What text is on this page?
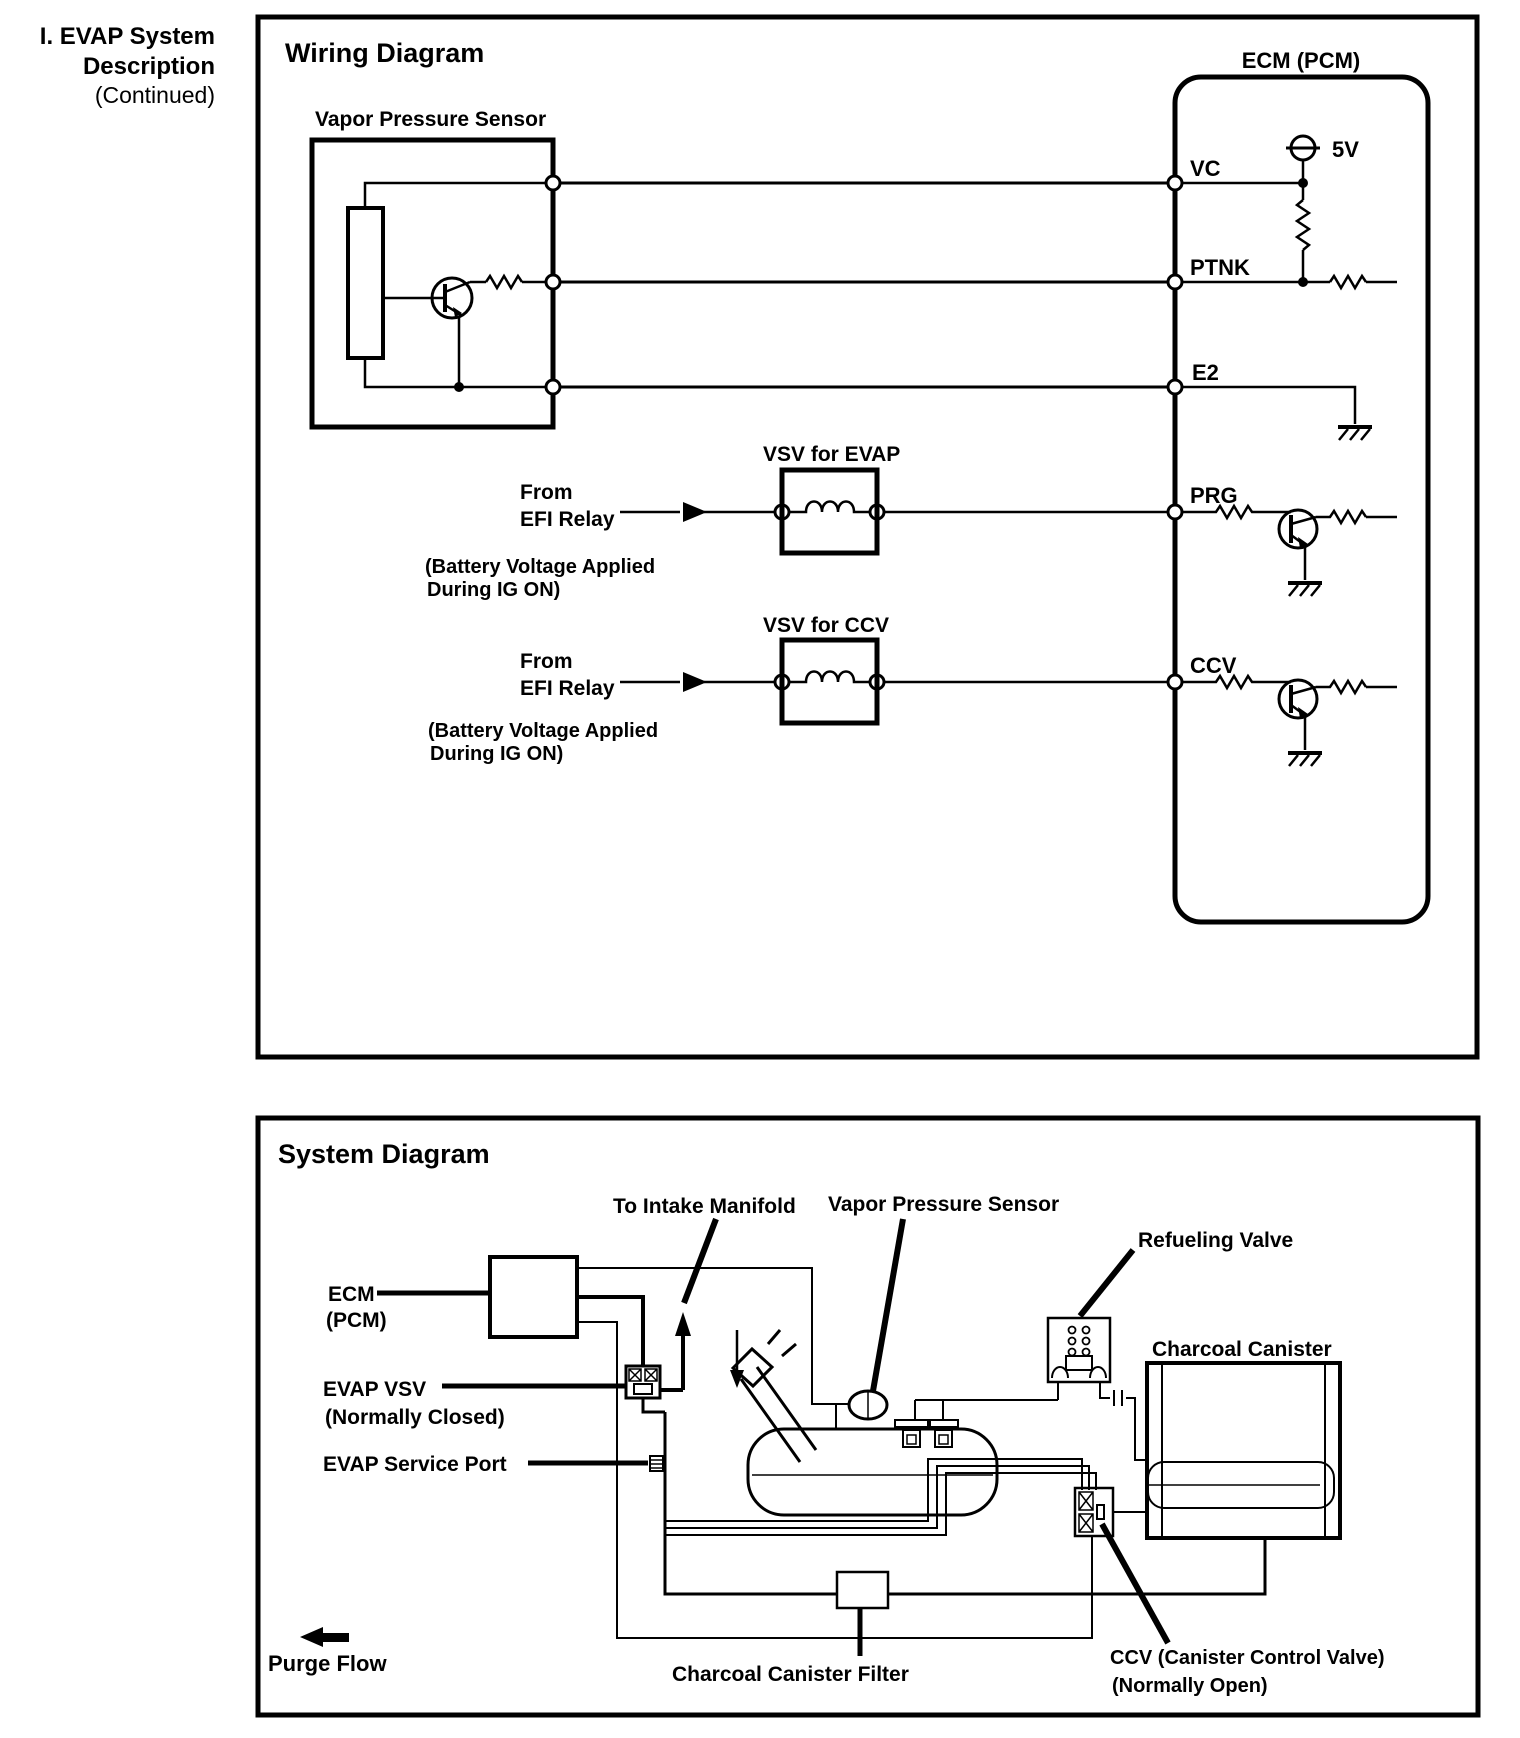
I. EVAP System
Description
(Continued)
Wiring Diagram	ECM (PCM)
Vapor Pressure Sensor
VC
PTNK
E2
PRG
CCV
5V
VSV for EVAP
From
EFI Relay
(Battery Voltage Applied
During IG ON)
VSV for CCV
From
EFI Relay
(Battery Voltage Applied
During IG ON)
System Diagram
To Intake Manifold Vapor Pressure Sensor
Refueling Valve
Charcoal Canister
ECM
(PCM)
EVAP VSV
(Normally Closed)
EVAP Service Port
Purge Flow	Charcoal Canister Filter
CCV (Canister Control Valve)
(Normally Open)
